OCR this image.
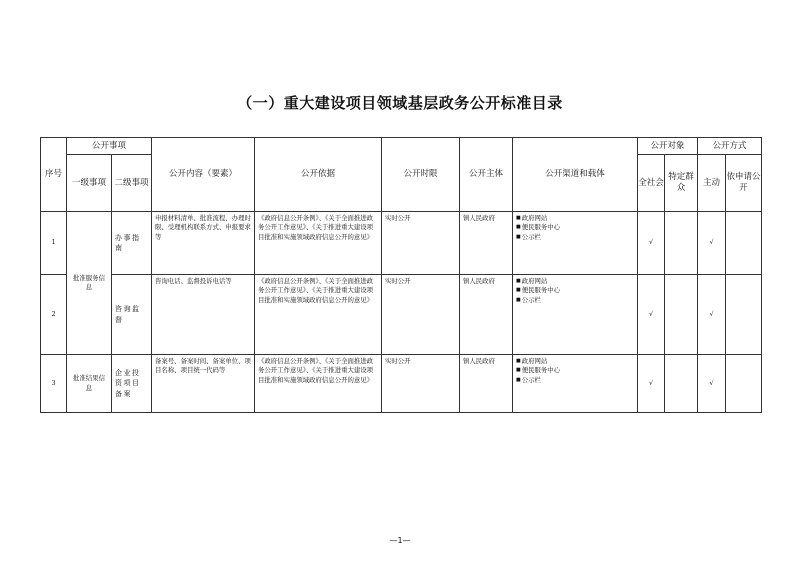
（一）重大建设项目领域基层政务公开标准目录
序号	公开事项		公开内容（要素）	公开依据	公开时限	公开主体	公开渠道和载体	公开对象		公开方式	
	一级事项	二级事项						全社会	特定群众	主动	依申请公开
1	批准服务信息	办事指南	申报材料清单、批准流程、办理时限、受理机构联系方式、申报要求等	《政府信息公开条例》、《关于全面推进政务公开工作意见》、《关于推进重大建设项目批准和实施领域政府信息公开的意见》	实时公开	镇人民政府	■ 政府网站
■ 便民服务中心
■ 公示栏	√		√	
2		咨询监督	咨询电话、监督投诉电话等	《政府信息公开条例》、《关于全面推进政务公开工作意见》、《关于推进重大建设项目批准和实施领域政府信息公开的意见》	实时公开	镇人民政府	■ 政府网站
■ 便民服务中心
■ 公示栏	√		√	
3	批准结果信息	企业投资项目备案	备案号、备案时间、备案单位、项目名称、项目统一代码等	《政府信息公开条例》、《关于全面推进政务公开工作意见》、《关于推进重大建设项目批准和实施领域政府信息公开的意见》	实时公开	镇人民政府	■ 政府网站
■ 便民服务中心
■ 公示栏	√		√	
—1—
